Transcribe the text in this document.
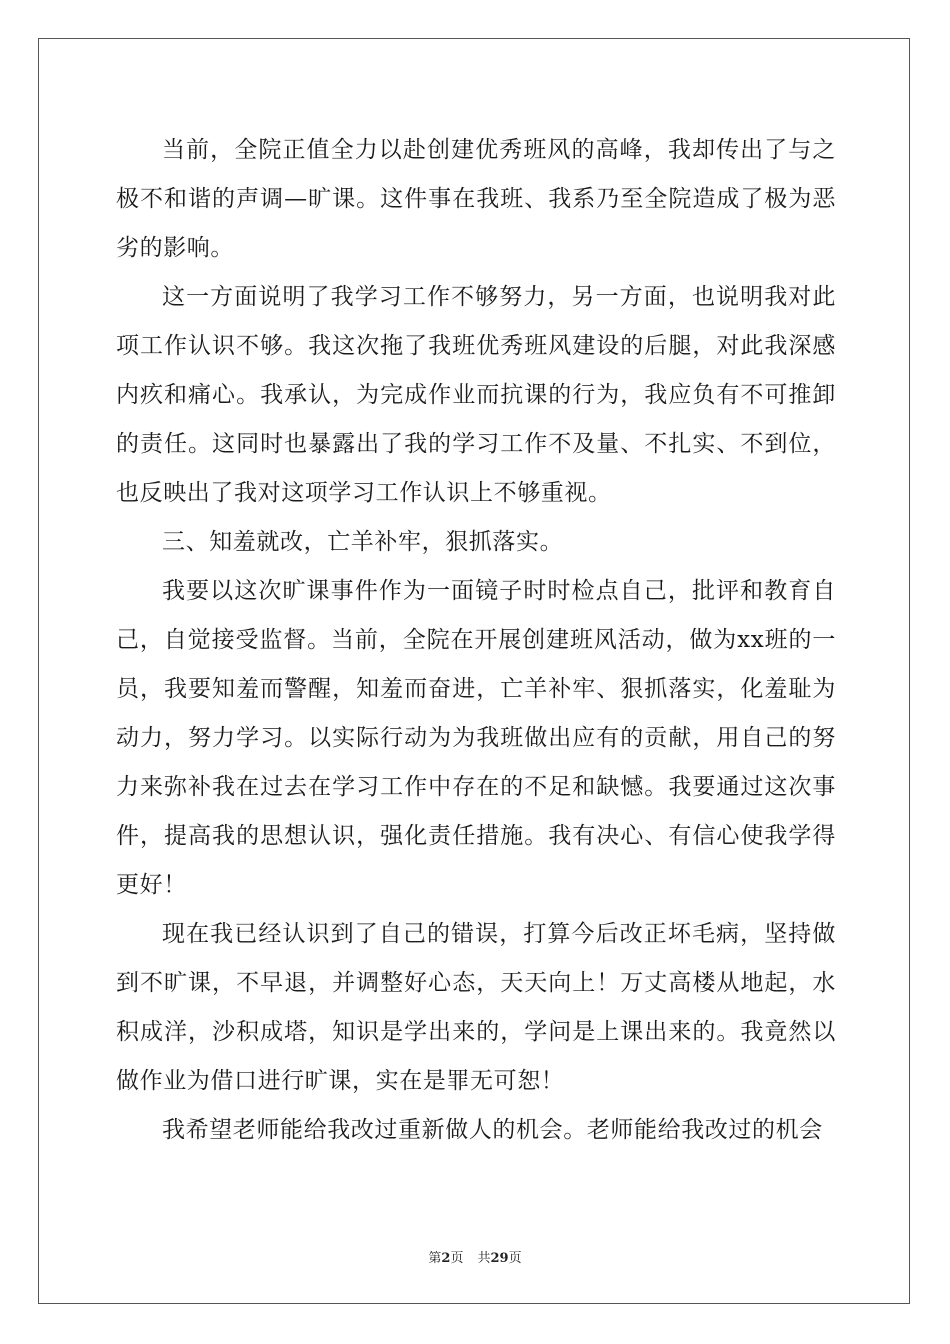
当前，全院正值全力以赴创建优秀班风的高峰，我却传出了与之极不和谐的声调—旷课。这件事在我班、我系乃至全院造成了极为恶劣的影响。

这一方面说明了我学习工作不够努力，另一方面，也说明我对此项工作认识不够。我这次拖了我班优秀班风建设的后腿，对此我深感内疚和痛心。我承认，为完成作业而抗课的行为，我应负有不可推卸的责任。这同时也暴露出了我的学习工作不及量、不扎实、不到位，也反映出了我对这项学习工作认识上不够重视。

三、知羞就改，亡羊补牢，狠抓落实。

我要以这次旷课事件作为一面镜子时时检点自己，批评和教育自己，自觉接受监督。当前，全院在开展创建班风活动，做为xx班的一员，我要知羞而警醒，知羞而奋进，亡羊补牢、狠抓落实，化羞耻为动力，努力学习。以实际行动为为我班做出应有的贡献，用自己的努力来弥补我在过去在学习工作中存在的不足和缺憾。我要通过这次事件，提高我的思想认识，强化责任措施。我有决心、有信心使我学得更好！

现在我已经认识到了自己的错误，打算今后改正坏毛病，坚持做到不旷课，不早退，并调整好心态，天天向上！万丈高楼从地起，水积成洋，沙积成塔，知识是学出来的，学问是上课出来的。我竟然以做作业为借口进行旷课，实在是罪无可恕！

我希望老师能给我改过重新做人的机会。老师能给我改过的机会

第2页 共29页
